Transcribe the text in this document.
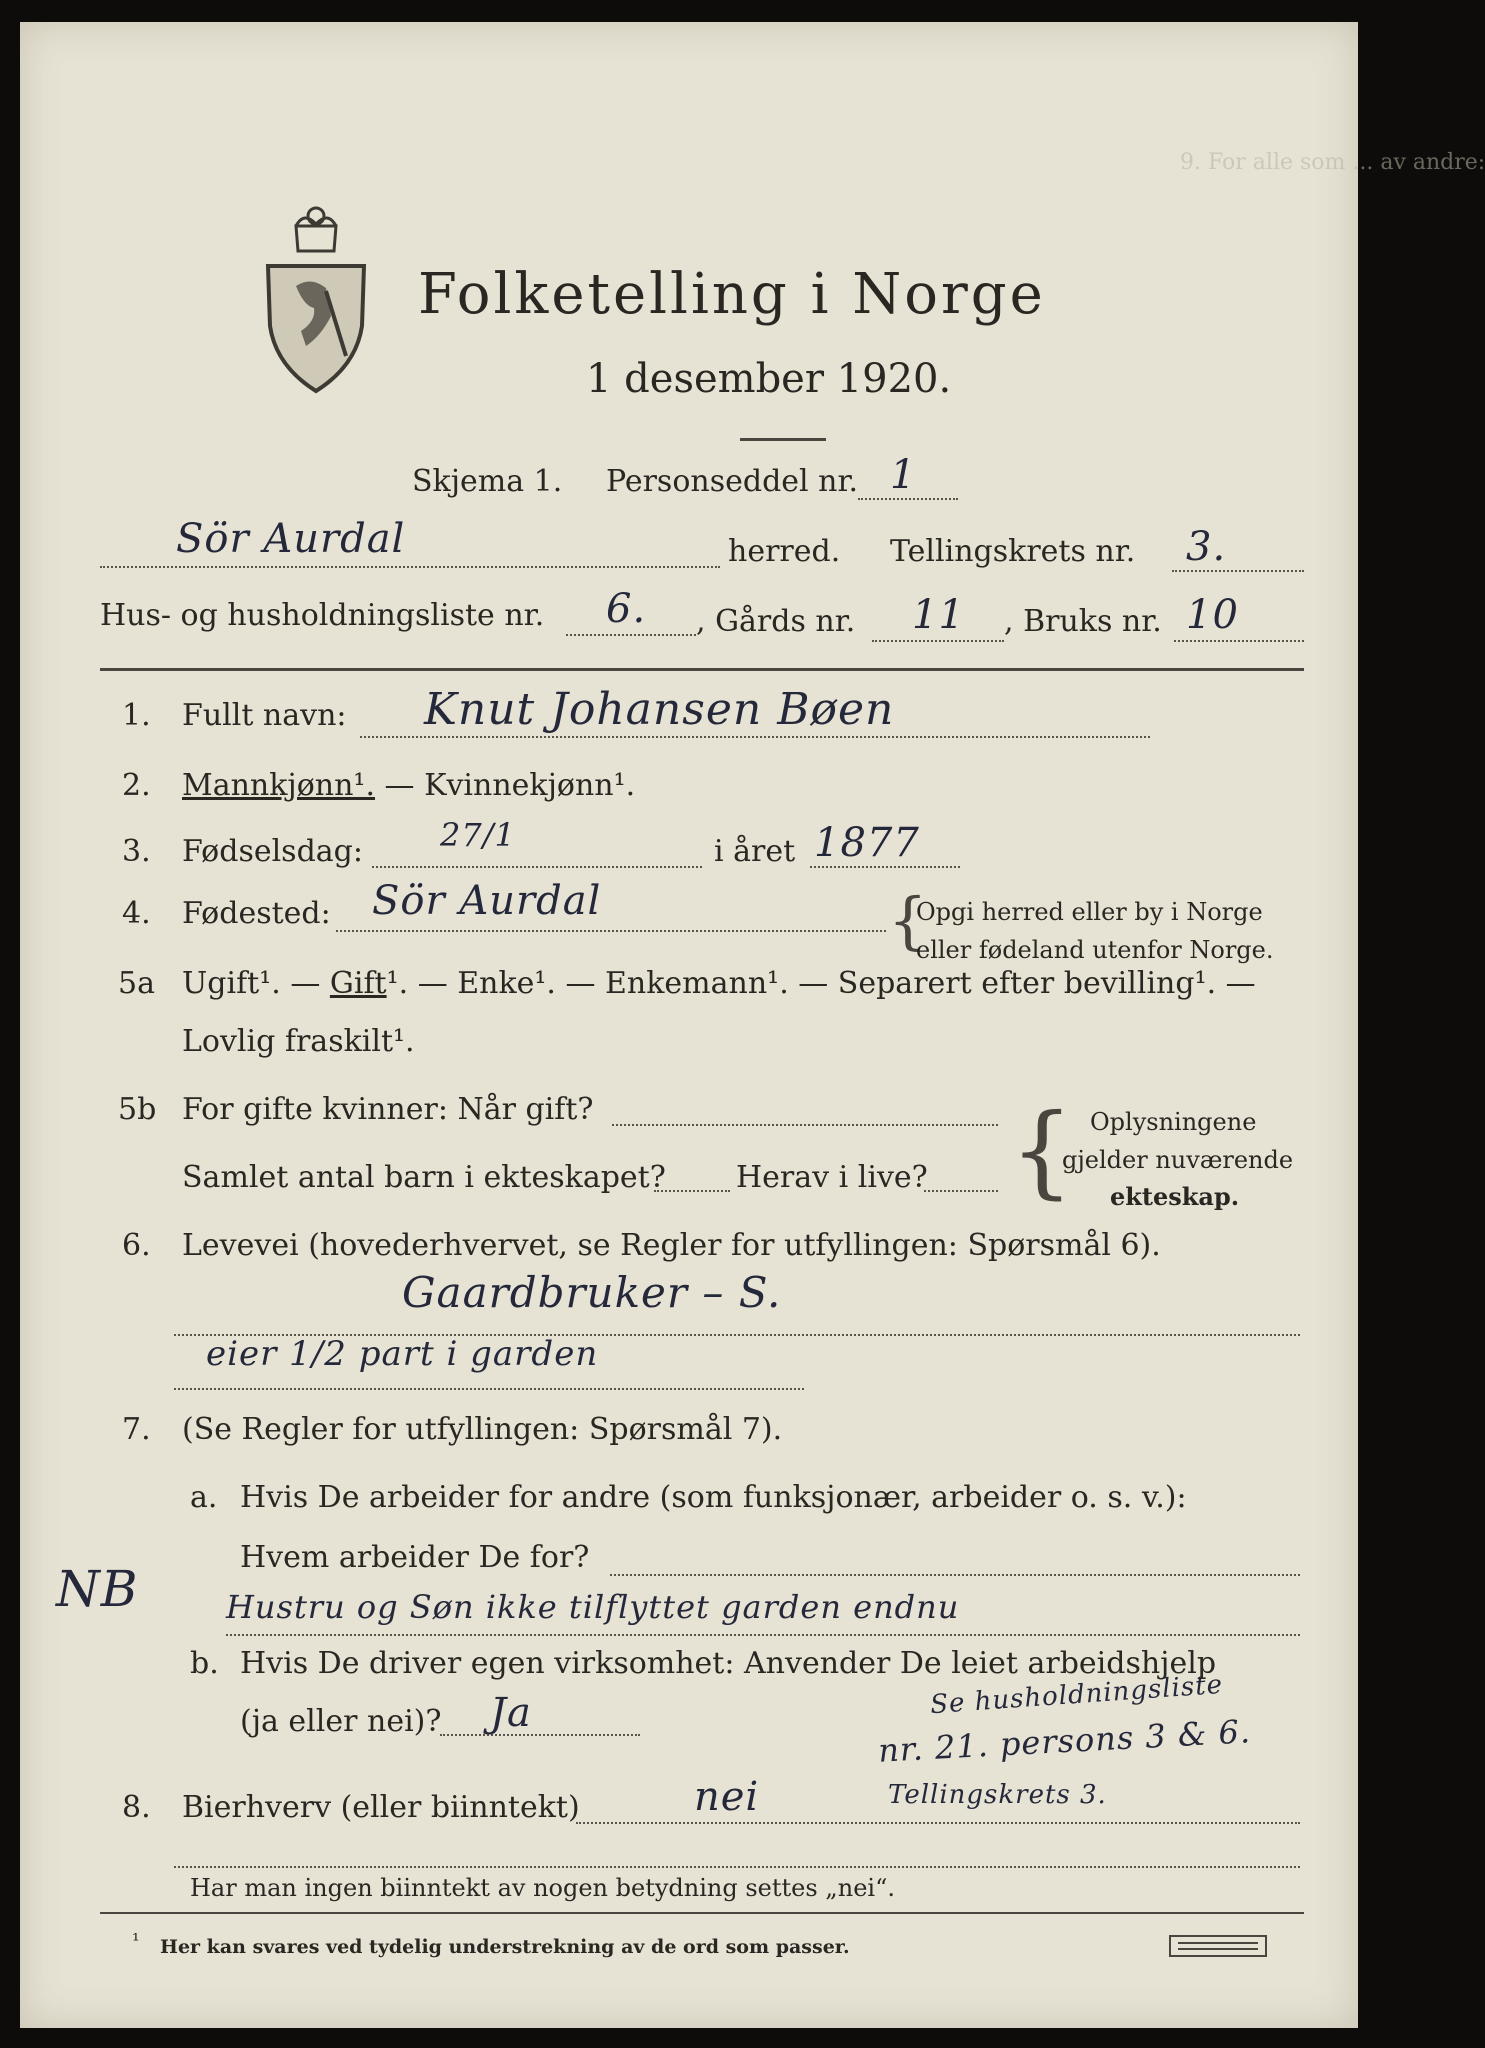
9. For alle som ... av andre:
Folketelling i Norge
1 desember 1920.
Skjema 1. Personseddel nr. 1
Sör Aurdal	herred. Tellingskrets nr. 3.
Hus- og husholdningsliste nr. 6. , Gårds nr. 11 , Bruks nr. 10
1. Fullt navn: Knut Johansen Bøen
2. Mannkjønn¹. — Kvinnekjønn¹.
3. Fødselsdag: 27/1	i året 1877
4. Fødested: Sör Aurdal	{
Opgi herred eller by i Norge
eller fødeland utenfor Norge.
5a Ugift¹. — Gift¹. — Enke¹. — Enkemann¹. — Separert efter bevilling¹. —
Lovlig fraskilt¹.
5b For gifte kvinner: Når gift?
Samlet antal barn i ekteskapet? Herav i live? { Oplysningene
gjelder nuværende
ekteskap.
6. Levevei (hovederhvervet, se Regler for utfyllingen: Spørsmål 6).
Gaardbruker – S.
eier 1/2 part i garden
7. (Se Regler for utfyllingen: Spørsmål 7).
a. Hvis De arbeider for andre (som funksjonær, arbeider o. s. v.):
Hvem arbeider De for?
NB	Hustru og Søn ikke tilflyttet garden endnu
b. Hvis De driver egen virksomhet: Anvender De leiet arbeidshjelp
(ja eller nei)? Ja	Se husholdningsliste
nr. 21. persons 3 & 6.
8. Bierhverv (eller biinntekt)	nei	Tellingskrets 3.
Har man ingen biinntekt av nogen betydning settes „nei“.
¹ Her kan svares ved tydelig understrekning av de ord som passer.
